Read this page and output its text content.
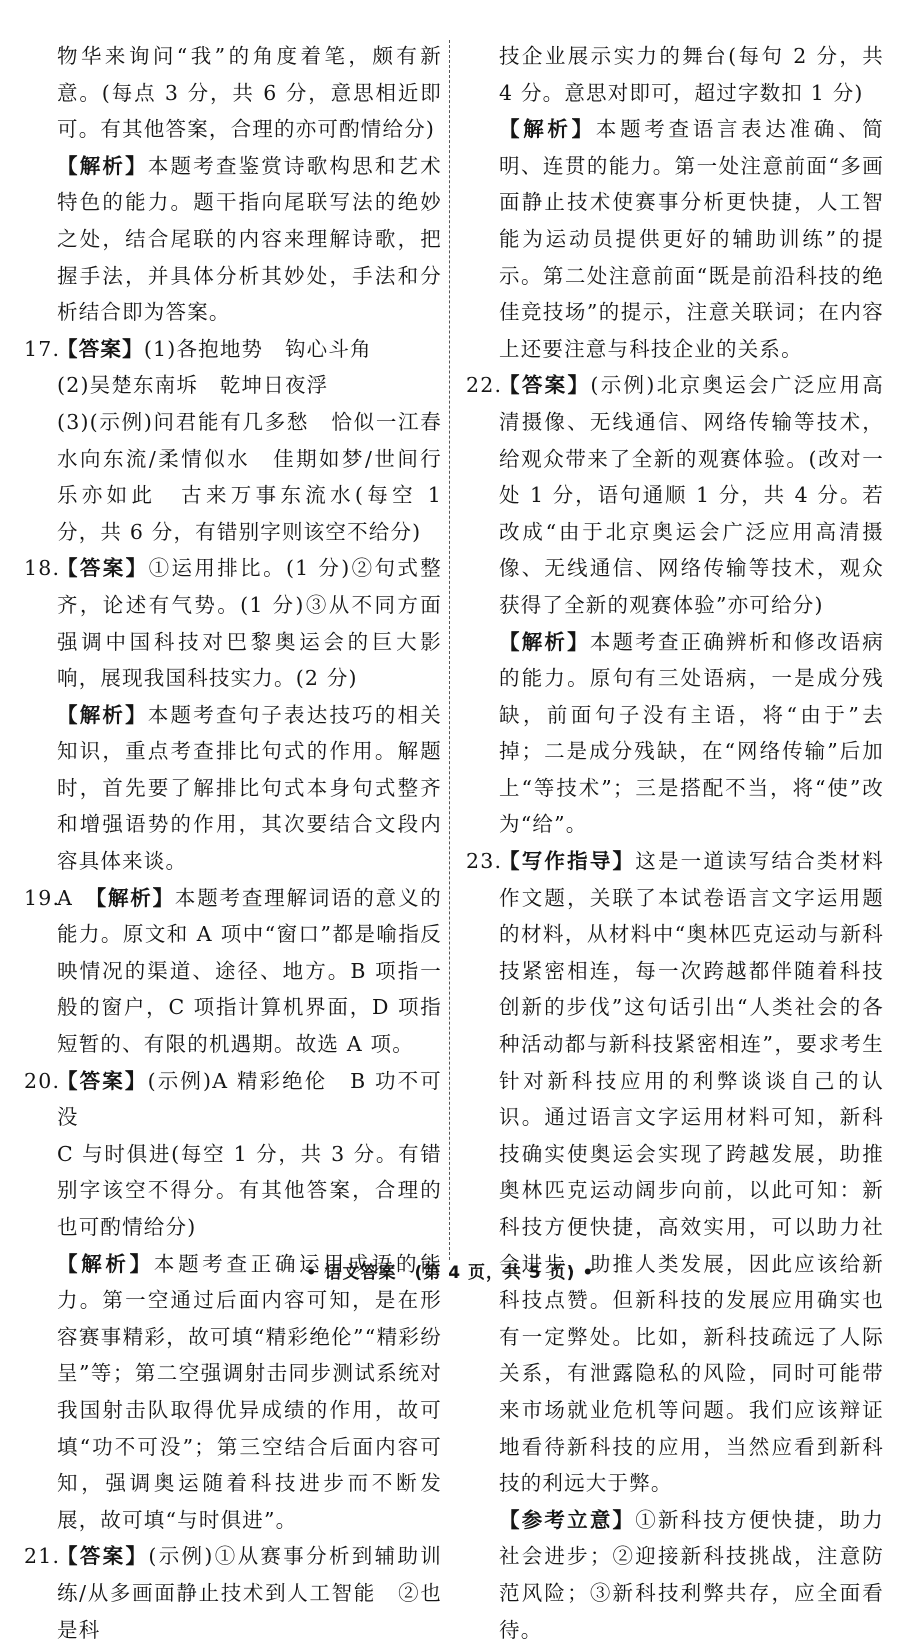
物华来询问“我”的角度着笔，颇有新意。(每点 3 分，共 6 分，意思相近即可。有其他答案，合理的亦可酌情给分)

【解析】本题考查鉴赏诗歌构思和艺术特色的能力。题干指向尾联写法的绝妙之处，结合尾联的内容来理解诗歌，把握手法，并具体分析其妙处，手法和分析结合即为答案。

17.

【答案】(1)各抱地势　钩心斗角

(2)吴楚东南坼　乾坤日夜浮

(3)(示例)问君能有几多愁　恰似一江春水向东流/柔情似水　佳期如梦/世间行乐亦如此　古来万事东流水(每空 1 分，共 6 分，有错别字则该空不给分)

18.

【答案】①运用排比。(1 分)②句式整齐，论述有气势。(1 分)③从不同方面强调中国科技对巴黎奥运会的巨大影响，展现我国科技实力。(2 分)

【解析】本题考查句子表达技巧的相关知识，重点考查排比句式的作用。解题时，首先要了解排比句式本身句式整齐和增强语势的作用，其次要结合文段内容具体来谈。

19.

A　【解析】本题考查理解词语的意义的能力。原文和 A 项中“窗口”都是喻指反映情况的渠道、途径、地方。B 项指一般的窗户，C 项指计算机界面，D 项指短暂的、有限的机遇期。故选 A 项。

20.

【答案】(示例)A 精彩绝伦　B 功不可没

C 与时俱进(每空 1 分，共 3 分。有错别字该空不得分。有其他答案，合理的也可酌情给分)

【解析】本题考查正确运用成语的能力。第一空通过后面内容可知，是在形容赛事精彩，故可填“精彩绝伦”“精彩纷呈”等；第二空强调射击同步测试系统对我国射击队取得优异成绩的作用，故可填“功不可没”；第三空结合后面内容可知，强调奥运随着科技进步而不断发展，故可填“与时俱进”。

21.

【答案】(示例)①从赛事分析到辅助训练/从多画面静止技术到人工智能　②也是科

技企业展示实力的舞台(每句 2 分，共 4 分。意思对即可，超过字数扣 1 分)

【解析】本题考查语言表达准确、简明、连贯的能力。第一处注意前面“多画面静止技术使赛事分析更快捷，人工智能为运动员提供更好的辅助训练”的提示。第二处注意前面“既是前沿科技的绝佳竞技场”的提示，注意关联词；在内容上还要注意与科技企业的关系。

22.

【答案】(示例)北京奥运会广泛应用高清摄像、无线通信、网络传输等技术，给观众带来了全新的观赛体验。(改对一处 1 分，语句通顺 1 分，共 4 分。若改成“由于北京奥运会广泛应用高清摄像、无线通信、网络传输等技术，观众获得了全新的观赛体验”亦可给分)

【解析】本题考查正确辨析和修改语病的能力。原句有三处语病，一是成分残缺，前面句子没有主语，将“由于”去掉；二是成分残缺，在“网络传输”后加上“等技术”；三是搭配不当，将“使”改为“给”。

23.

【写作指导】这是一道读写结合类材料作文题，关联了本试卷语言文字运用题的材料，从材料中“奥林匹克运动与新科技紧密相连，每一次跨越都伴随着科技创新的步伐”这句话引出“人类社会的各种活动都与新科技紧密相连”，要求考生针对新科技应用的利弊谈谈自己的认识。通过语言文字运用材料可知，新科技确实使奥运会实现了跨越发展，助推奥林匹克运动阔步向前，以此可知：新科技方便快捷，高效实用，可以助力社会进步、助推人类发展，因此应该给新科技点赞。但新科技的发展应用确实也有一定弊处。比如，新科技疏远了人际关系，有泄露隐私的风险，同时可能带来市场就业危机等问题。我们应该辩证地看待新科技的应用，当然应看到新科技的利远大于弊。

【参考立意】①新科技方便快捷，助力社会进步；②迎接新科技挑战，注意防范风险；③新科技利弊共存，应全面看待。

• 语文答案　(第 4 页，共 5 页) •
